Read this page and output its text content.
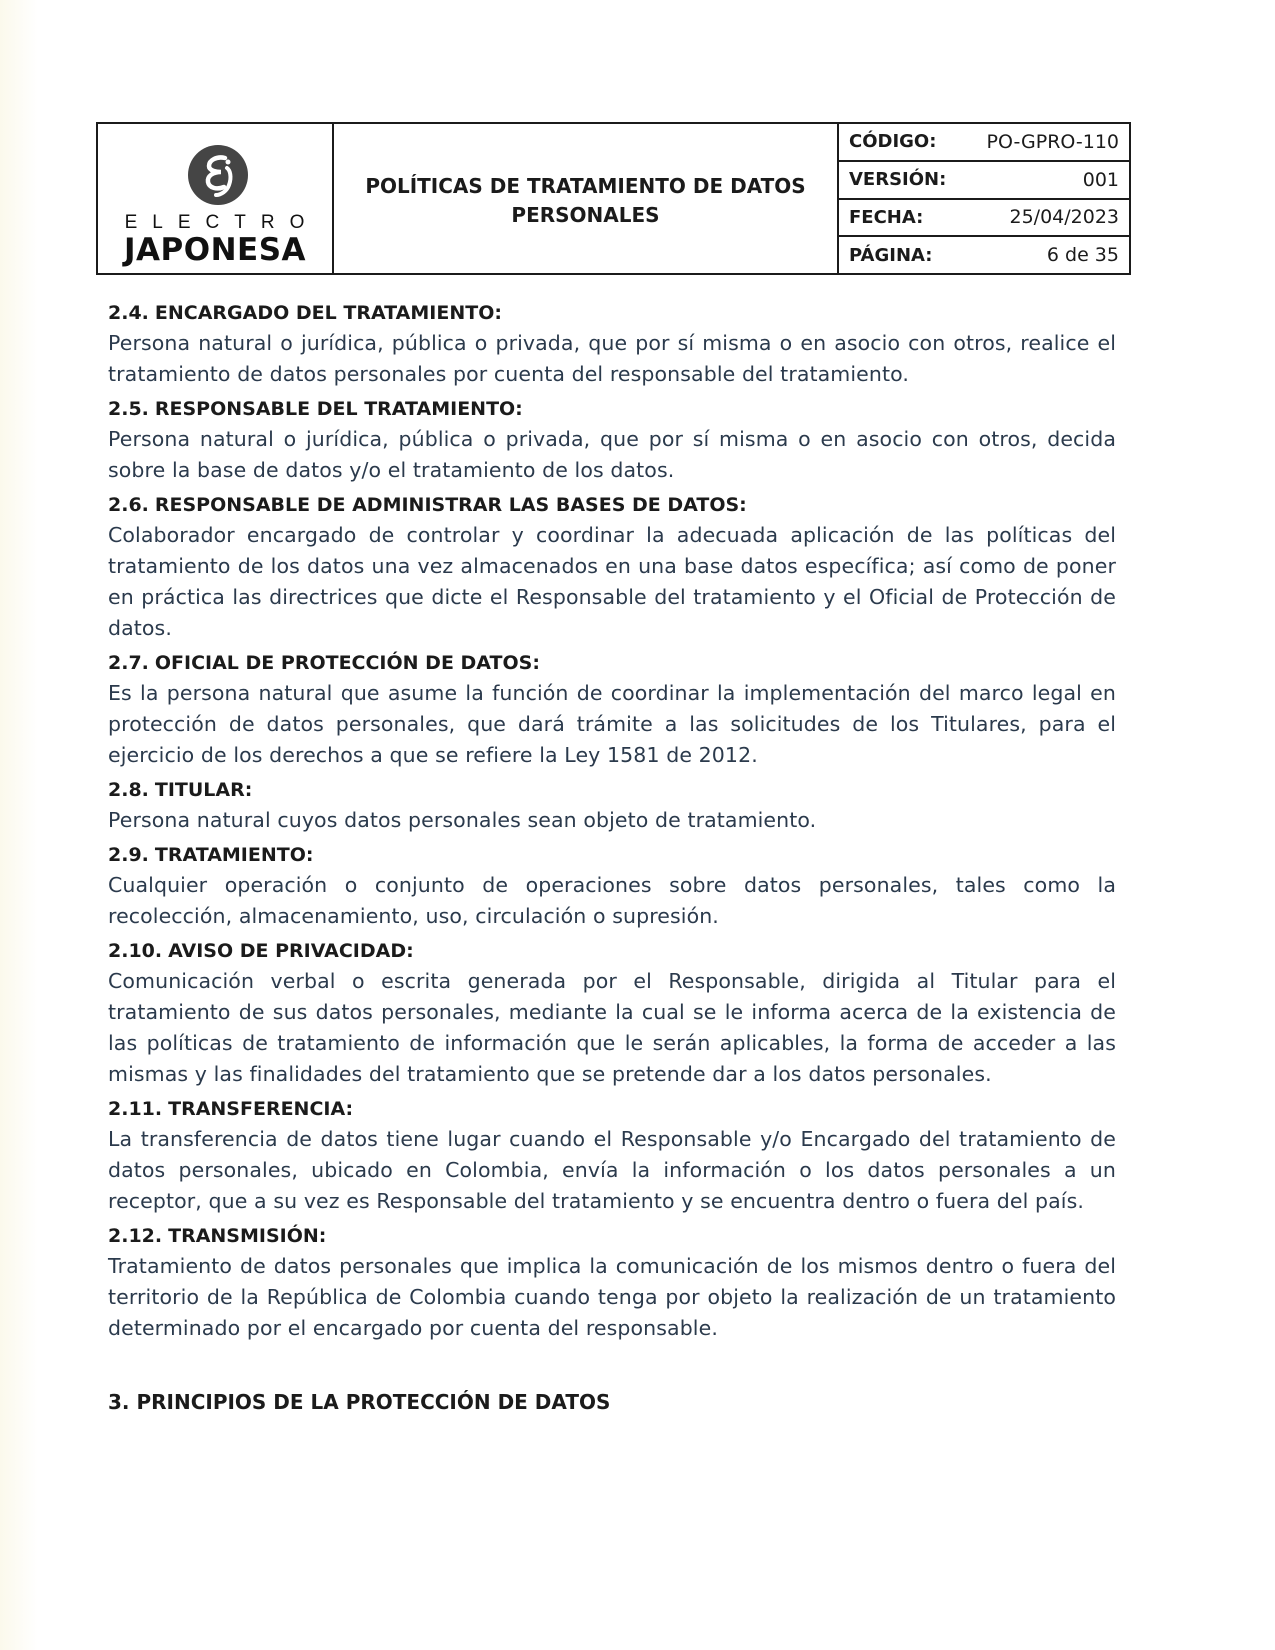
ELECTRO
JAPONESA
POLÍTICAS DE TRATAMIENTO DE DATOS PERSONALES
CÓDIGO:	PO-GPRO-110
VERSIÓN:	001
FECHA:	25/04/2023
PÁGINA:	6 de 35
2.4. ENCARGADO DEL TRATAMIENTO:
Persona natural o jurídica, pública o privada, que por sí misma o en asocio con otros, realice el tratamiento de datos personales por cuenta del responsable del tratamiento.
2.5. RESPONSABLE DEL TRATAMIENTO:
Persona natural o jurídica, pública o privada, que por sí misma o en asocio con otros, decida sobre la base de datos y/o el tratamiento de los datos.
2.6. RESPONSABLE DE ADMINISTRAR LAS BASES DE DATOS:
Colaborador encargado de controlar y coordinar la adecuada aplicación de las políticas del tratamiento de los datos una vez almacenados en una base datos específica; así como de poner en práctica las directrices que dicte el Responsable del tratamiento y el Oficial de Protección de datos.
2.7. OFICIAL DE PROTECCIÓN DE DATOS:
Es la persona natural que asume la función de coordinar la implementación del marco legal en protección de datos personales, que dará trámite a las solicitudes de los Titulares, para el ejercicio de los derechos a que se refiere la Ley 1581 de 2012.
2.8. TITULAR:
Persona natural cuyos datos personales sean objeto de tratamiento.
2.9. TRATAMIENTO:
Cualquier operación o conjunto de operaciones sobre datos personales, tales como la recolección, almacenamiento, uso, circulación o supresión.
2.10. AVISO DE PRIVACIDAD:
Comunicación verbal o escrita generada por el Responsable, dirigida al Titular para el tratamiento de sus datos personales, mediante la cual se le informa acerca de la existencia de las políticas de tratamiento de información que le serán aplicables, la forma de acceder a las mismas y las finalidades del tratamiento que se pretende dar a los datos personales.
2.11. TRANSFERENCIA:
La transferencia de datos tiene lugar cuando el Responsable y/o Encargado del tratamiento de datos personales, ubicado en Colombia, envía la información o los datos personales a un receptor, que a su vez es Responsable del tratamiento y se encuentra dentro o fuera del país.
2.12. TRANSMISIÓN:
Tratamiento de datos personales que implica la comunicación de los mismos dentro o fuera del territorio de la República de Colombia cuando tenga por objeto la realización de un tratamiento determinado por el encargado por cuenta del responsable.
3. PRINCIPIOS DE LA PROTECCIÓN DE DATOS
